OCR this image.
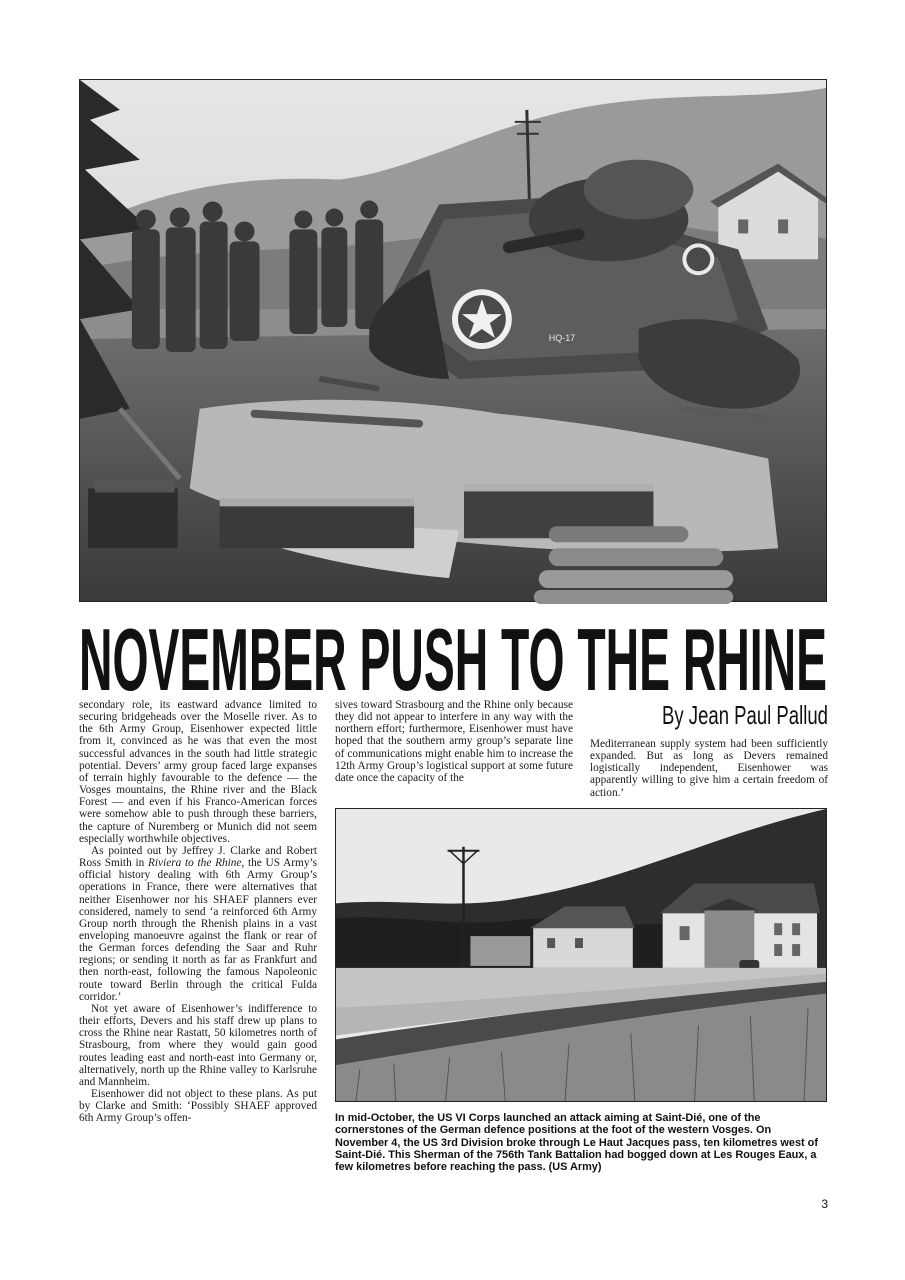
HQ-17
NOVEMBER PUSH TO THE RHINE
By Jean Paul Pallud

secondary role, its eastward advance limited to securing bridgeheads over the Moselle river. As to the 6th Army Group, Eisenhower expected little from it, convinced as he was that even the most successful advances in the south had little strategic potential. Devers’ army group faced large expanses of terrain highly favourable to the defence — the Vosges mountains, the Rhine river and the Black Forest — and even if his Franco-American forces were somehow able to push through these barriers, the capture of Nuremberg or Munich did not seem especially worthwhile objectives.

As pointed out by Jeffrey J. Clarke and Robert Ross Smith in Riviera to the Rhine, the US Army’s official history dealing with 6th Army Group’s operations in France, there were alternatives that neither Eisenhower nor his SHAEF planners ever considered, namely to send ‘a reinforced 6th Army Group north through the Rhenish plains in a vast enveloping manoeuvre against the flank or rear of the German forces defending the Saar and Ruhr regions; or sending it north as far as Frankfurt and then north-east, following the famous Napoleonic route toward Berlin through the critical Fulda corridor.’

Not yet aware of Eisenhower’s indifference to their efforts, Devers and his staff drew up plans to cross the Rhine near Rastatt, 50 kilometres north of Strasbourg, from where they would gain good routes leading east and north-east into Germany or, alternatively, north up the Rhine valley to Karlsruhe and Mannheim.

Eisenhower did not object to these plans. As put by Clarke and Smith: ‘Possibly SHAEF approved 6th Army Group’s offen-

sives toward Strasbourg and the Rhine only because they did not appear to interfere in any way with the northern effort; furthermore, Eisenhower must have hoped that the southern army group’s separate line of communications might enable him to increase the 12th Army Group’s logistical support at some future date once the capacity of the

Mediterranean supply system had been sufficiently expanded. But as long as Devers remained logistically independent, Eisenhower was apparently willing to give him a certain freedom of action.’

In mid-October, the US VI Corps launched an attack aiming at Saint-Dié, one of the cornerstones of the German defence positions at the foot of the western Vosges. On November 4, the US 3rd Division broke through Le Haut Jacques pass, ten kilometres west of Saint-Dié. This Sherman of the 756th Tank Battalion had bogged down at Les Rouges Eaux, a few kilometres before reaching the pass. (US Army)
3
